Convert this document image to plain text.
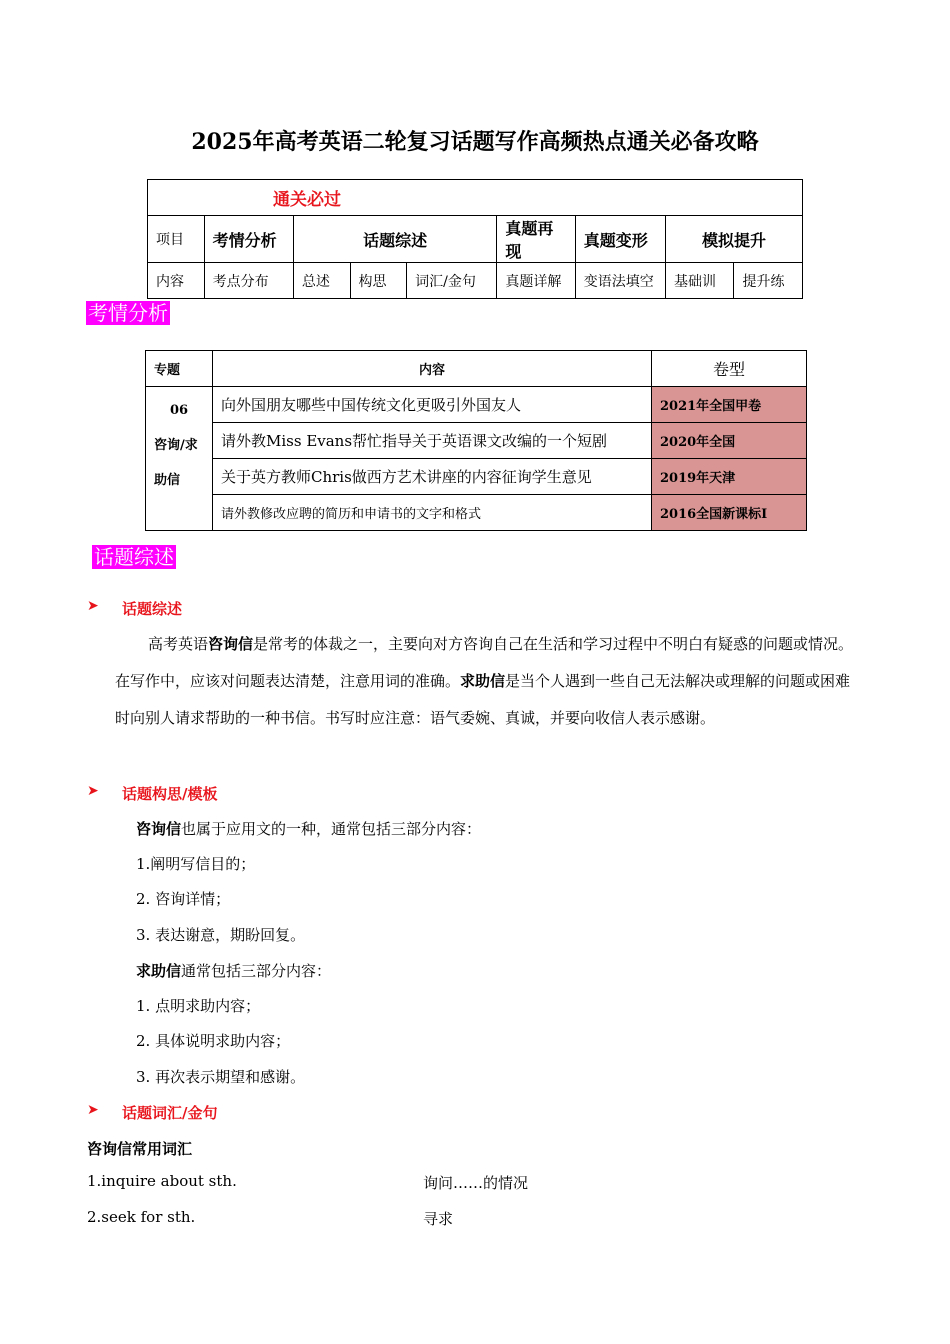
2025年高考英语二轮复习话题写作高频热点通关必备攻略
通关必过								
项目	考情分析	话题综述			真题再现	真题变形	模拟提升	
内容	考点分布	总述	构思	词汇/金句	真题详解	变语法填空	基础训	提升练
考情分析
专题	内容	卷型

06
咨询/求
助信	向外国朋友哪些中国传统文化更吸引外国友人	2021年全国甲卷
	请外教Miss Evans帮忙指导关于英语课文改编的一个短剧	2020年全国
	关于英方教师Chris做西方艺术讲座的内容征询学生意见	2019年天津
	请外教修改应聘的简历和申请书的文字和格式	2016全国新课标I
话题综述
➤ 话题综述
高考英语咨询信是常考的体裁之一，主要向对方咨询自己在生活和学习过程中不明白有疑惑的问题或情况。在写作中，应该对问题表达清楚，注意用词的准确。求助信是当个人遇到一些自己无法解决或理解的问题或困难时向别人请求帮助的一种书信。书写时应注意：语气委婉、真诚，并要向收信人表示感谢。
➤ 话题构思/模板
咨询信也属于应用文的一种，通常包括三部分内容：
1.阐明写信目的；
2. 咨询详情；
3. 表达谢意，期盼回复。
求助信通常包括三部分内容：
1. 点明求助内容；
2. 具体说明求助内容；
3. 再次表示期望和感谢。
➤ 话题词汇/金句
咨询信常用词汇
1.inquire about sth.	询问……的情况
2.seek for sth.	寻求
